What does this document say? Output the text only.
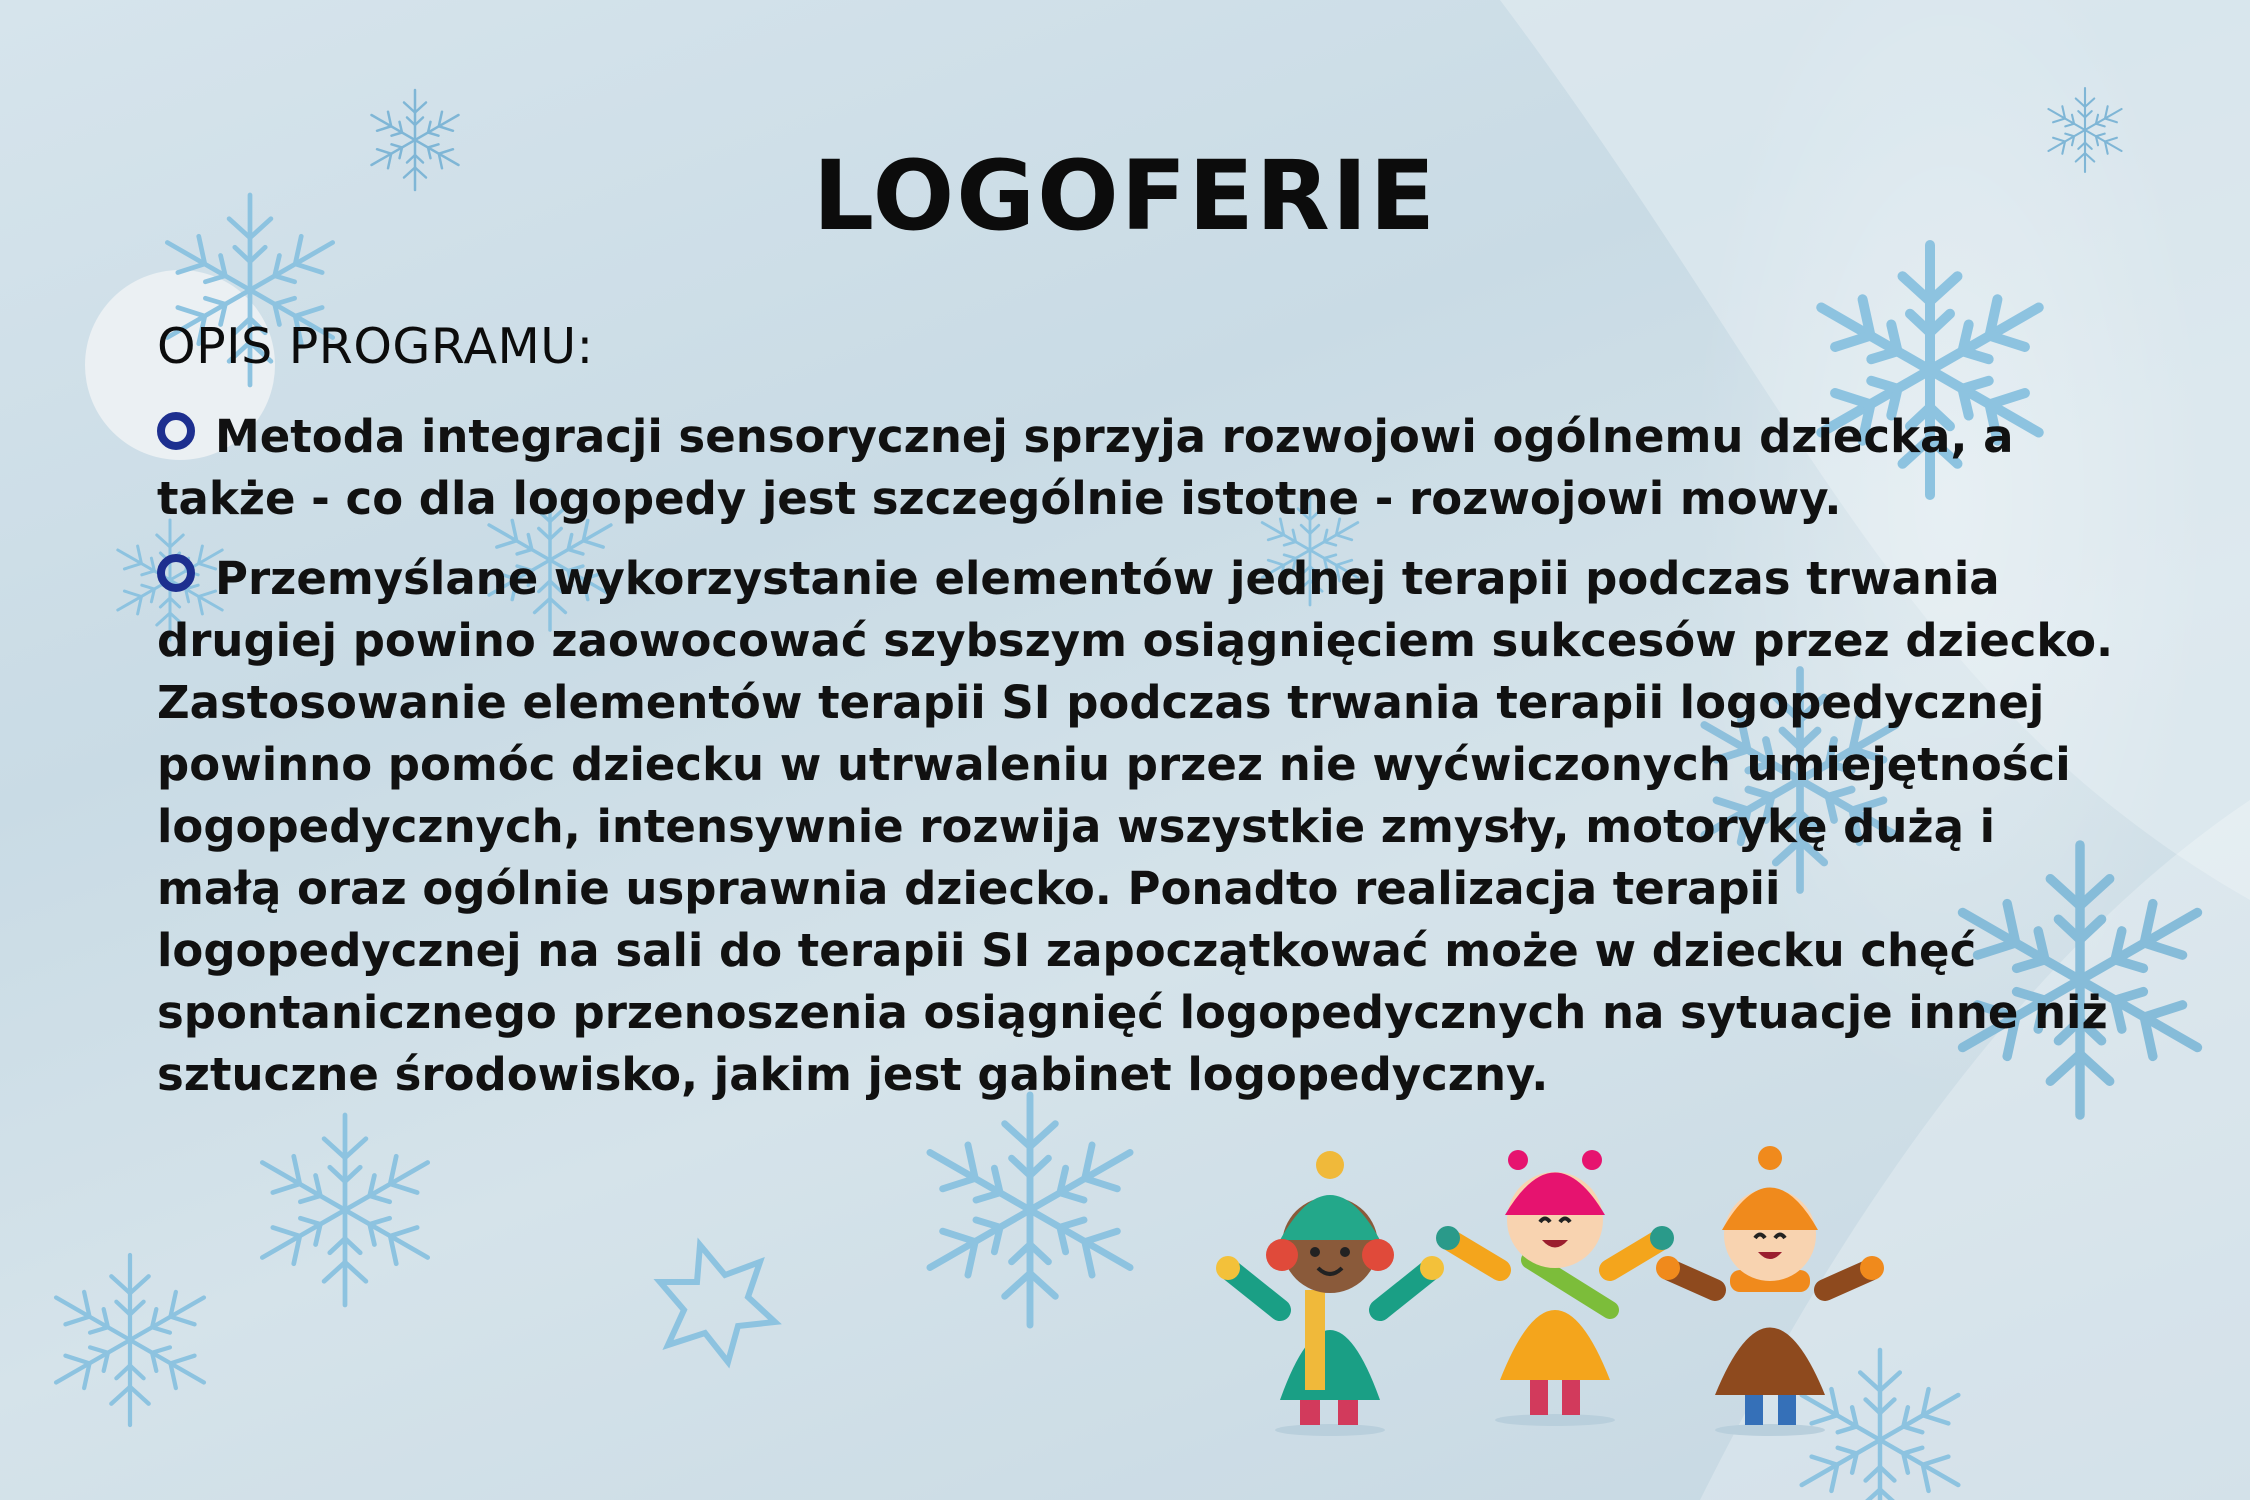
LOGOFERIE
OPIS PROGRAMU:
Metoda integracji sensorycznej sprzyja rozwojowi ogólnemu dziecka, a także - co dla logopedy jest szczególnie istotne - rozwojowi mowy.
Przemyślane wykorzystanie elementów jednej terapii podczas trwania drugiej powino zaowocować szybszym osiągnięciem sukcesów przez dziecko. Zastosowanie elementów terapii SI podczas trwania terapii logopedycznej powinno pomóc dziecku w utrwaleniu przez nie wyćwiczonych umiejętności logopedycznych, intensywnie rozwija wszystkie zmysły, motorykę dużą i małą oraz ogólnie usprawnia dziecko. Ponadto realizacja terapii logopedycznej na sali do terapii SI zapoczątkować może w dziecku chęć spontanicznego przenoszenia osiągnięć logopedycznych na sytuacje inne niż sztuczne środowisko, jakim jest gabinet logopedyczny.
